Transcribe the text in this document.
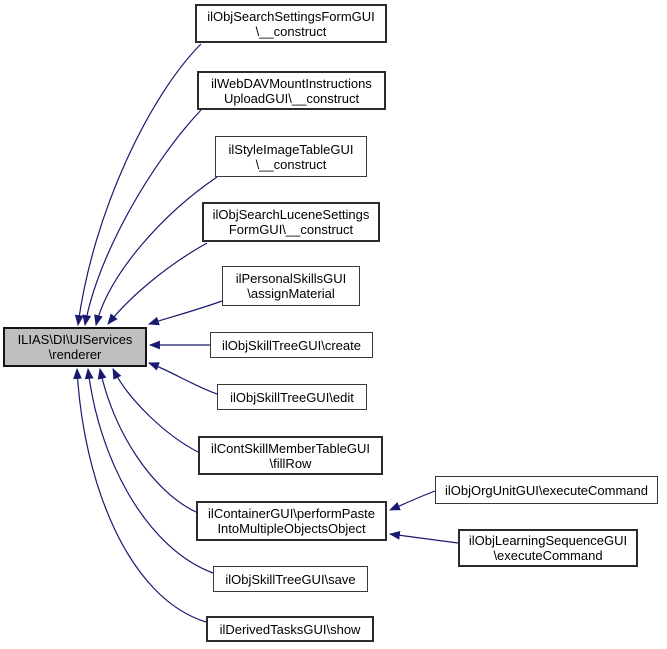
ILIAS\DI\UIServices
\renderer
ilObjSearchSettingsFormGUI
\__construct
ilWebDAVMountInstructions
UploadGUI\__construct
ilStyleImageTableGUI
\__construct
ilObjSearchLuceneSettings
FormGUI\__construct
ilPersonalSkillsGUI
\assignMaterial
ilObjSkillTreeGUI\create
ilObjSkillTreeGUI\edit
ilContSkillMemberTableGUI
\fillRow
ilContainerGUI\performPaste
IntoMultipleObjectsObject
ilObjSkillTreeGUI\save
ilDerivedTasksGUI\show
ilObjOrgUnitGUI\executeCommand
ilObjLearningSequenceGUI
\executeCommand
